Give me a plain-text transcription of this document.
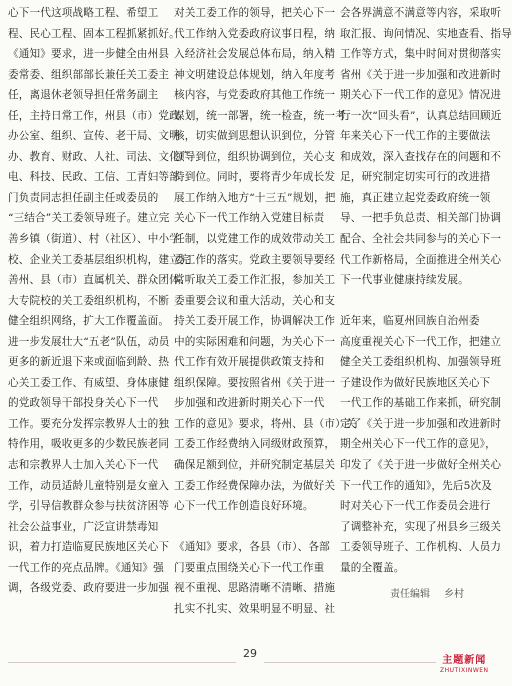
心下一代这项战略工程、希望工
程、民心工程、固本工程抓紧抓好。
《通知》要求，进一步健全由州县
委常委、组织部部长兼任关工委主
任，离退休老领导担任常务副主
任，主持日常工作，州县（市）党政
办公室、组织、宣传、老干局、文明
办、教育、财政、人社、司法、文化广
电、科技、民政、工信、工青妇等部
门负责同志担任副主任或委员的
“三结合”关工委领导班子。建立完
善乡镇（街道）、村（社区）、中小学
校、企业关工委基层组织机构，建立完
善州、县（市）直属机关、群众团体、
大专院校的关工委组织机构，不断
健全组织网络，扩大工作覆盖面。
进一步发展壮大“五老”队伍，动员
更多的新近退下来或面临到龄、热
心关工委工作、有威望、身体康健
的党政领导干部投身关心下一代
工作。要充分发挥宗教界人士的独
特作用，吸收更多的少数民族老同
志和宗教界人士加入关心下一代
工作，动员适龄儿童特别是女童入
学，引导信教群众参与扶贫济困等
社会公益事业，广泛宣讲禁毒知
识，着力打造临夏民族地区关心下
一代工作的亮点品牌。《通知》强
调，各级党委、政府要进一步加强
对关工委工作的领导，把关心下一
代工作纳入党委政府议事日程，纳
入经济社会发展总体布局，纳入精
神文明建设总体规划，纳入年度考
核内容，与党委政府其他工作统一
谋划，统一部署，统一检查，统一考
核，切实做到思想认识到位，分管
领导到位，组织协调到位，关心支
持到位。同时，要将青少年成长发
展工作纳入地方“十三五”规划，把
关心下一代工作纳入党建目标责
任制，以党建工作的成效带动关工
委工作的落实。党政主要领导要经
常听取关工委工作汇报，参加关工
委重要会议和重大活动，关心和支
持关工委开展工作，协调解决工作
中的实际困难和问题，为关心下一
代工作有效开展提供政策支持和
组织保障。要按照省州《关于进一
步加强和改进新时期关心下一代
工作的意见》要求，将州、县（市）关
工委工作经费纳入同级财政预算，
确保足额到位，并研究制定基层关
工委工作经费保障办法，为做好关
心下一代工作创造良好环境。
《通知》要求，各县（市）、各部
门要重点围绕关心下一代工作重
视不重视、思路清晰不清晰、措施
扎实不扎实、效果明显不明显、社
会各界满意不满意等内容，采取听
取汇报、询问情况、实地查看、指导
工作等方式，集中时间对贯彻落实
省州《关于进一步加强和改进新时
期关心下一代工作的意见》情况进
行一次“回头看”，认真总结回顾近
年来关心下一代工作的主要做法
和成效，深入查找存在的问题和不
足，研究制定切实可行的改进措
施，真正建立起党委政府统一领
导、一把手负总责、相关部门协调
配合、全社会共同参与的关心下一
代工作新格局，全面推进全州关心
下一代事业健康持续发展。
近年来，临夏州回族自治州委
高度重视关心下一代工作，把建立
健全关工委组织机构、加强领导班
子建设作为做好民族地区关心下
一代工作的基础工作来抓，研究制
定了《关于进一步加强和改进新时
期全州关心下一代工作的意见》，
印发了《关于进一步做好全州关心
下一代工作的通知》，先后5次及
时对关心下一代工作委员会进行
了调整补充，实现了州县乡三级关
工委领导班子、工作机构、人员力
量的全覆盖。
责任编辑 乡村
29
主题新闻
ZHUTIXINWEN
